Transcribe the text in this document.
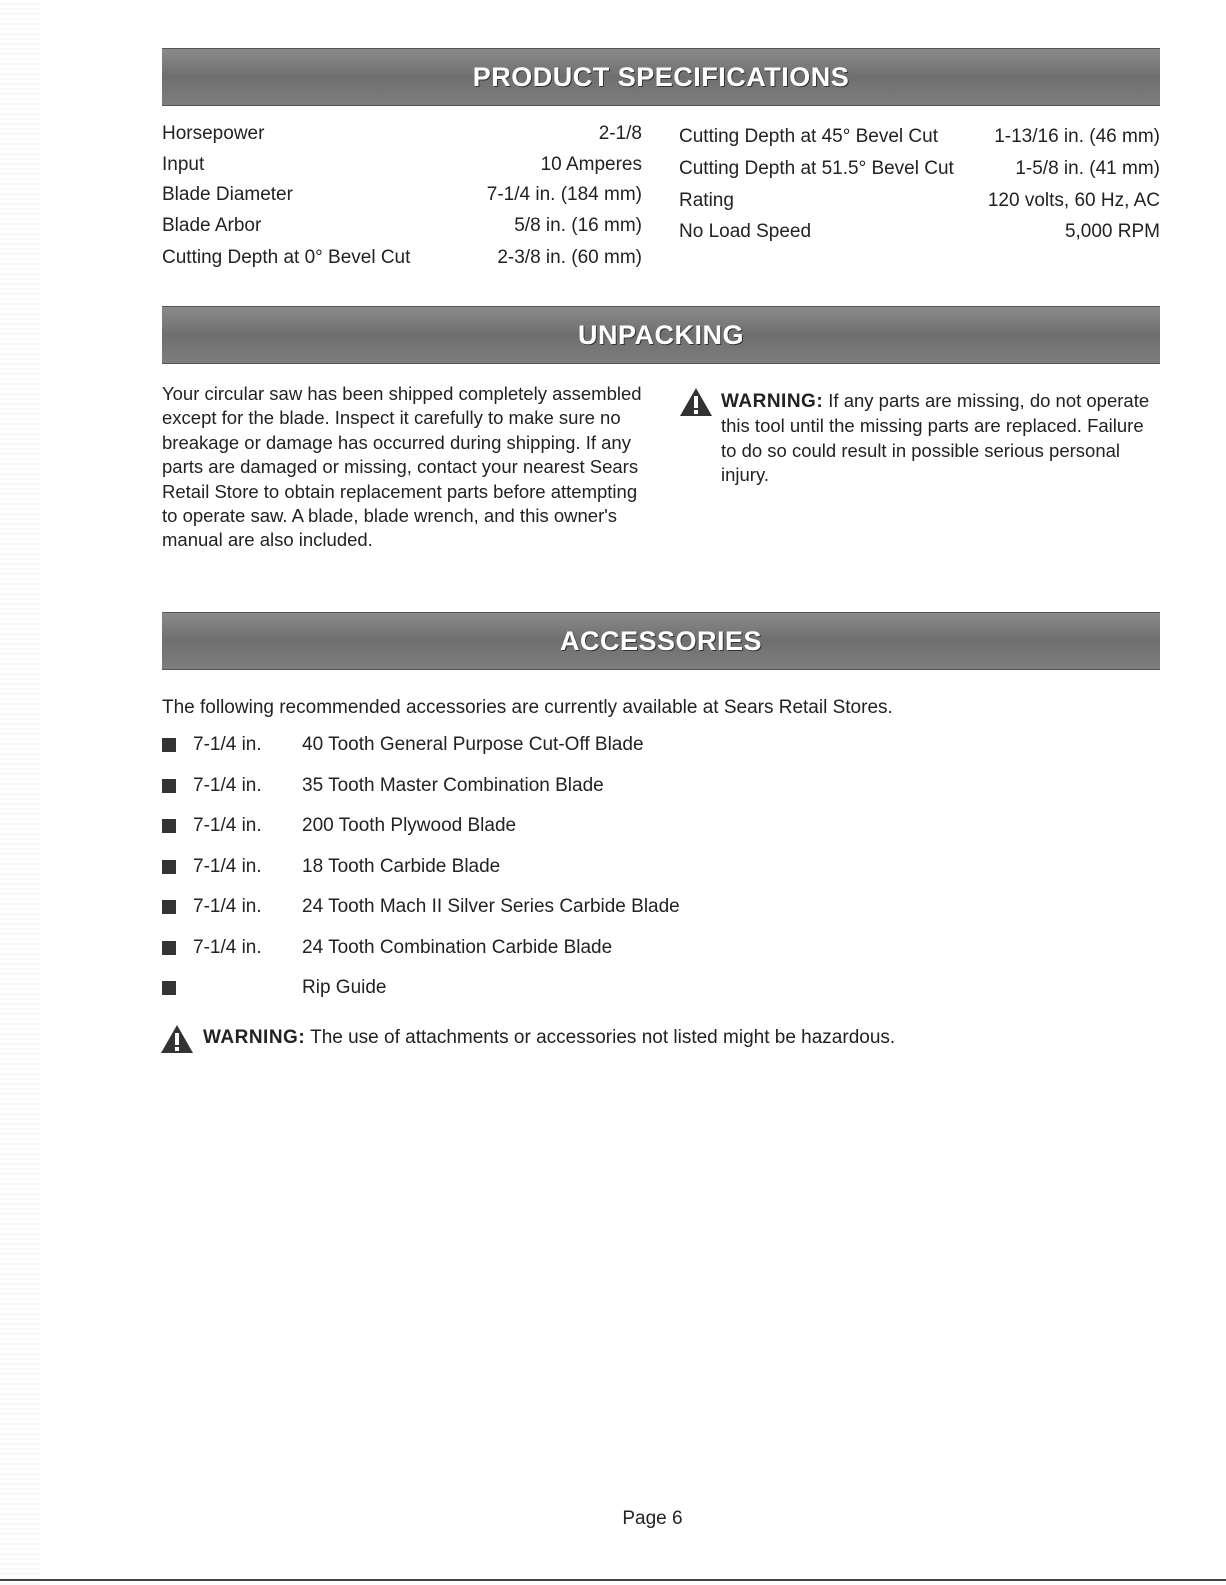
PRODUCT SPECIFICATIONS
Horsepower	2-1/8
Input	10 Amperes
Blade Diameter	7-1/4 in. (184 mm)
Blade Arbor	5/8 in. (16 mm)
Cutting Depth at 0° Bevel Cut	2-3/8 in. (60 mm)
Cutting Depth at 45° Bevel Cut	1-13/16 in. (46 mm)
Cutting Depth at 51.5° Bevel Cut	1-5/8 in. (41 mm)
Rating	120 volts, 60 Hz, AC
No Load Speed	5,000 RPM
UNPACKING

Your circular saw has been shipped completely assembled except for the blade. Inspect it carefully to make sure no breakage or damage has occurred during shipping. If any parts are damaged or missing, contact your nearest Sears Retail Store to obtain replacement parts before attempting to operate saw. A blade, blade wrench, and this owner's manual are also included.

WARNING: If any parts are missing, do not operate this tool until the missing parts are replaced. Failure to do so could result in possible serious personal injury.

ACCESSORIES

The following recommended accessories are currently available at Sears Retail Stores.

7-1/4 in. 40 Tooth General Purpose Cut-Off Blade
7-1/4 in. 35 Tooth Master Combination Blade
7-1/4 in. 200 Tooth Plywood Blade
7-1/4 in. 18 Tooth Carbide Blade
7-1/4 in. 24 Tooth Mach II Silver Series Carbide Blade
7-1/4 in. 24 Tooth Combination Carbide Blade
Rip Guide

WARNING: The use of attachments or accessories not listed might be hazardous.

Page 6
